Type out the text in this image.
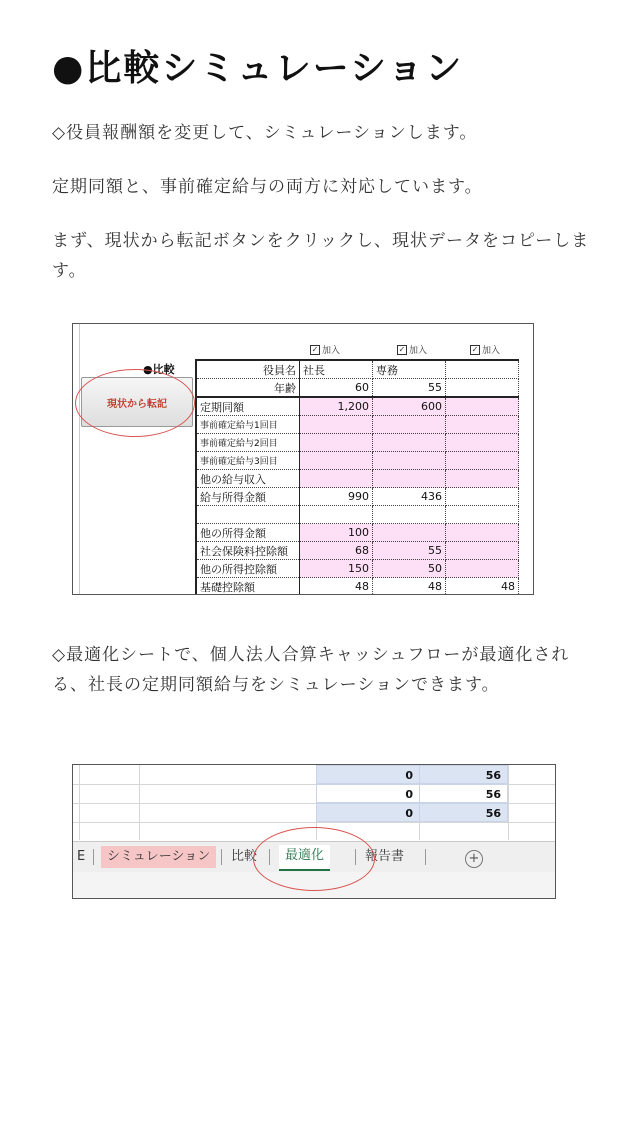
●比較シミュレーション
◇役員報酬額を変更して、シミュレーションします。
定期同額と、事前確定給与の両方に対応しています。
まず、現状から転記ボタンをクリックし、現状データをコピーします。
✓ 加入	✓ 加入	✓ 加入
●比較
現状から転記
役員名	社長	専務	
年齢	60	55	
定期同額	1,200	600	
事前確定給与1回目			
事前確定給与2回目			
事前確定給与3回目			
他の給与収入			
給与所得金額	990	436	

他の所得金額	100		
社会保険料控除額	68	55	
他の所得控除額	150	50	
基礎控除額	48	48	48
◇最適化シートで、個人法人合算キャッシュフローが最適化される、社長の定期同額給与をシミュレーションできます。
0	56
0	56
0	56
E	シミュレーション	比較	最適化	報告書	+
